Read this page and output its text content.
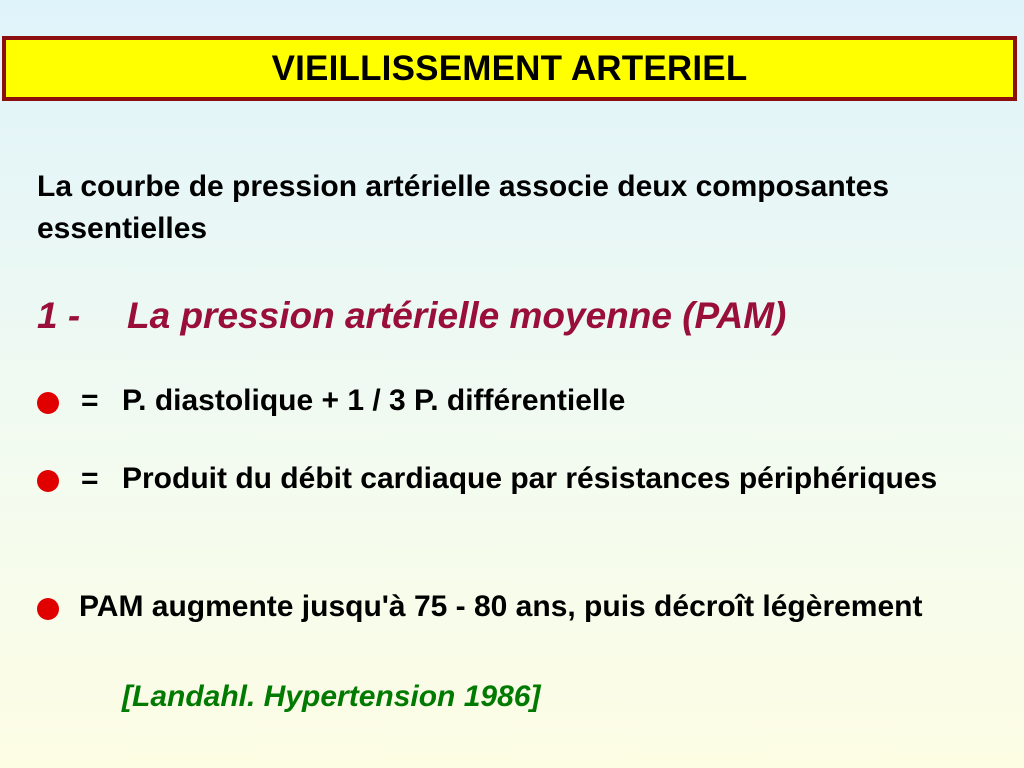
VIEILLISSEMENT ARTERIEL
La courbe de pression artérielle associe deux composantes essentielles
1 - La pression artérielle moyenne (PAM)
= P. diastolique + 1 / 3 P. différentielle
= Produit du débit cardiaque par résistances périphériques
PAM augmente jusqu'à 75 - 80 ans, puis décroît légèrement
[Landahl. Hypertension 1986]
